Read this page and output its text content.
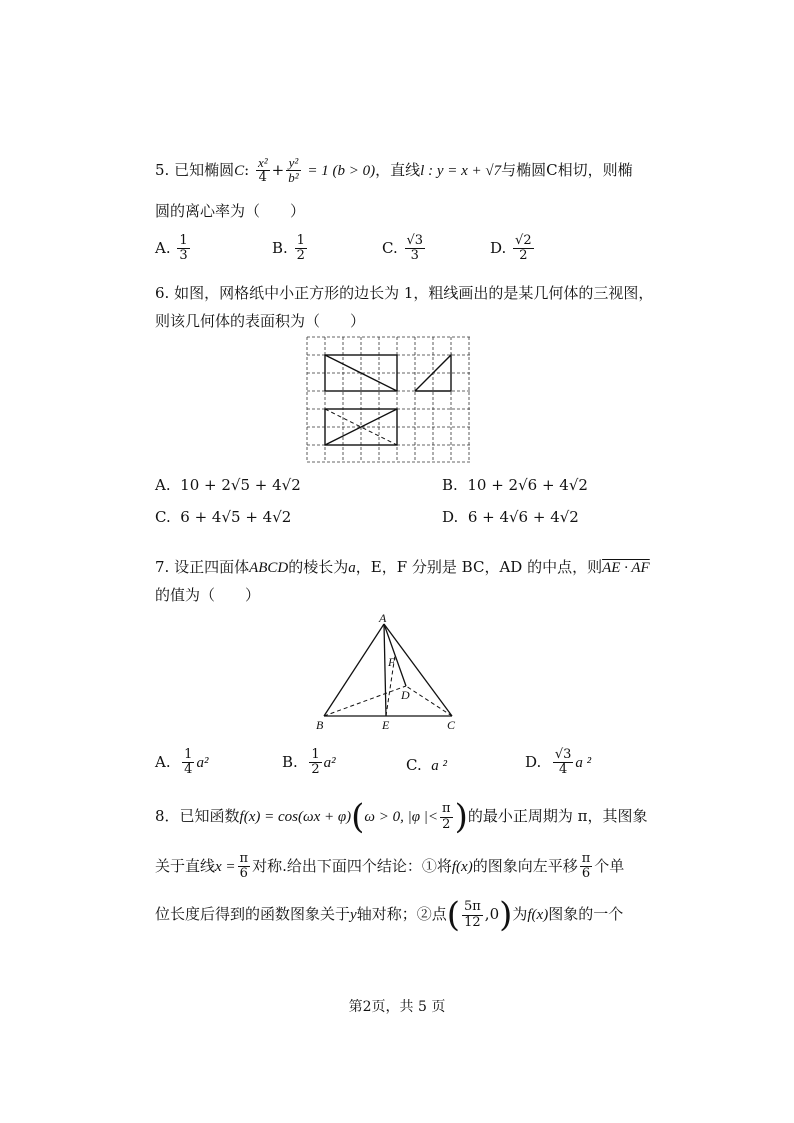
5. 已知椭圆C: $\frac{\text{x²}}{4} + \frac{\text{y²}}{\text{b²}} = 1$ (b > 0)，直线l : y = x + √7与椭圆C相切，则椭
圆的离心率为（　　）
A. $\frac{1}{3}$	B. $\frac{1}{2}$	C. $\frac{√3}{3}$	D. $\frac{√2}{2}$
6. 如图，网格纸中小正方形的边长为 1，粗线画出的是某几何体的三视图，
则该几何体的表面积为（　　）
A. 10 + 2√5 + 4√2	B. 10 + 2√6 + 4√2
C. 6 + 4√5 + 4√2	D. 6 + 4√6 + 4√2
7. 设正四面体ABCD的棱长为a，E，F 分别是 BC，AD 的中点，则AE · AF
的值为（　　）
A
B	C
D
E
F
A. $\frac{1}{4} a^2$	B. $\frac{1}{2} a^2$	C. a ²	D. $\frac{√3}{4}$ a ²
8．已知函数f(x) = cos(ωx + φ)(ω > 0, |φ |< $\frac{\pi}{2}$ )的最小正周期为 π，其图象
关于直线$x = \frac{\pi}{6}$ 对称.给出下面四个结论：①将f(x)的图象向左平移 $\frac{\pi}{6}$ 个单
位长度后得到的函数图象关于y轴对称；②点( $\frac{5\pi}{12} ,0$)为f(x)图象的一个
第2页，共 5 页
